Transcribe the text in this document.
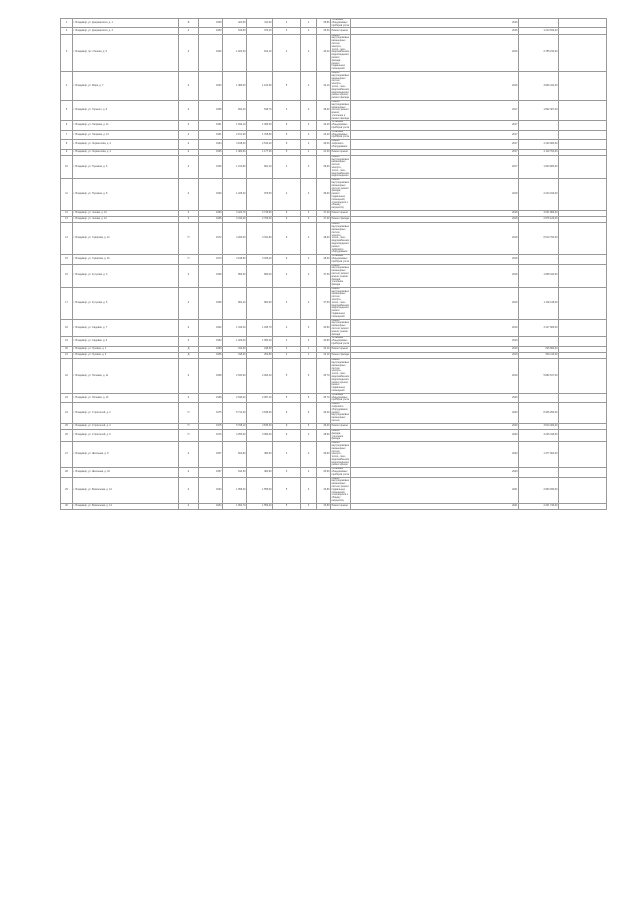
1	г. Владимир, ул. Дзержинского, д. 1	Б	1959	424,50	311,60	2	1	35,80	Установка общедомовых приборов учёта	2016	-	
2	г. Владимир, ул. Дзержинского, д. 3	К	1960	516,80	376,40	3	2	36,50	Ремонт крыши	2016	1 214 534,00	
3	г. Владимир, пр-т Ленина, д. 5	К	1962	1 024,30	812,10	4	2	40,20	Ремонт внутридомовых инженерных систем электро-, тепло-, газо-, водоснабжения, водоотведения; ремонт фасада; ремонт подвальных помещений	2016	2 785 210,00	
4	г. Владимир, ул. Мира, д. 7	К	1963	1 386,00	1 102,50	5	4	42,10	Ремонт внутридомовых инженерных систем электро-, тепло-, газо-, водоснабжения, водоотведения; ремонт крыши; ремонт фасада	2016	3 906 441,00	
5	г. Владимир, ул. Горького, д. 9	К	1958	692,40	548,70	3	2	38,60	Ремонт внутридомовых инженерных систем; ремонт крыши; утепление и ремонт фасада	2017	1 892 307,00	
6	г. Владимир, ул. Гагарина, д. 11	К	1961	1 842,10	1 465,30	5	4	43,40	Установка общедомовых приборов учёта	2017	-	
7	г. Владимир, ул. Гагарина, д. 13	К	1961	2 151,90	1 708,80	5	4	44,20	Установка общедомовых приборов учёта	2017	-	
8	г. Владимир, ул. Лермонтова, д. 2	К	1964	3 168,00	2 516,20	9	2	46,00	Ремонт лифтового оборудования	2017	4 120 000,00	
9	г. Владимир, ул. Лермонтова, д. 4	К	1965	1 482,60	1 177,30	5	4	41,30	Ремонт крыши	2017	2 110 764,00	
10	г. Владимир, ул. Пушкина, д. 6	К	1960	1 212,80	964,10	4	3	39,90	Ремонт внутридомовых инженерных систем электро-, тепло-, газо-, водоснабжения, водоотведения	2017	1 603 820,00	
11	г. Владимир, ул. Пушкина, д. 8	К	1960	1 228,40	976,50	4	3	39,90	Ремонт внутридомовых инженерных систем; ремонт фасада; ремонт подвальных помещений, относящихся к общему имуществу	2018	2 244 019,00	
12	г. Владимир, ул. Чехова, д. 10	К	1966	3 422,70	2 718,90	9	3	47,20	Ремонт крыши	2018	3 031 886,00	
13	г. Владимир, ул. Чехова, д. 12	К	1966	3 410,20	2 709,40	9	3	47,20	Ремонт фасада	2018	2 976 120,00	
14	г. Владимир, ул. Суворова, д. 14	П	1972	4 206,00	3 341,80	9	4	48,60	Ремонт внутридомовых инженерных систем электро-, тепло-, газо-, водоснабжения, водоотведения; ремонт лифтового оборудования	2018	6 512 700,00	
15	г. Владимир, ул. Суворова, д. 16	П	1973	4 198,50	3 335,20	9	4	48,60	Установка общедомовых приборов учёта	2018	-	
16	г. Владимир, ул. Кутузова, д. 3	К	1959	856,30	680,00	3	2	37,50	Ремонт внутридомовых инженерных систем; ремонт крыши; ремонт фасада; утепление фасада	2018	1 958 442,00	
17	г. Владимир, ул. Кутузова, д. 5	К	1959	862,10	684,90	3	2	37,50	Ремонт внутридомовых инженерных систем электро-, тепло-, газо-, водоснабжения, водоотведения; ремонт подвальных помещений	2019	1 402 118,00	
18	г. Владимир, ул. Садовая, д. 7	К	1962	1 316,40	1 045,70	4	3	40,80	Ремонт внутридомовых инженерных систем; ремонт крыши; ремонт фасада	2019	3 147 905,00	
19	г. Владимир, ул. Садовая, д. 9	К	1962	1 322,00	1 050,20	4	3	40,80	Установка общедомовых приборов учёта	2019	-	
20	г. Владимир, ул. Луговая, д. 1	Д	1956	312,60	248,30	2	1	34,10	Ремонт крыши	2019	615 900,00	
21	г. Владимир, ул. Луговая, д. 3	Д	1956	318,20	252,80	2	1	34,10	Ремонт фасада	2019	540 110,00	
22	г. Владимир, ул. Полевая, д. 11	К	1968	2 634,90	2 093,40	5	6	45,70	Ремонт внутридомовых инженерных систем электро-, тепло-, газо-, водоснабжения, водоотведения; ремонт крыши; ремонт подвальных помещений	2019	5 882 617,00	
23	г. Владимир, ул. Полевая, д. 13	К	1968	2 640,00	2 097,10	5	6	45,70	Установка общедомовых приборов учёта	2020	-	
24	г. Владимир, ул. Строителей, д. 2	П	1975	5 712,30	4 538,60	9	6	49,30	Ремонт лифтового оборудования; ремонт внутридомовых инженерных систем	2020	8 406 250,00	
25	г. Владимир, ул. Строителей, д. 4	П	1975	5 708,10	4 535,30	9	6	49,30	Ремонт крыши	2020	3 810 400,00	
26	г. Владимир, ул. Строителей, д. 6	П	1976	4 255,00	3 380,40	9	4	48,90	Ремонт фасада; утепление фасада	2020	4 226 318,00	
27	г. Владимир, ул. Школьная, д. 8	К	1957	604,80	480,50	3	2	36,90	Ремонт внутридомовых инженерных систем электро-, тепло-, газо-, водоснабжения, водоотведения; ремонт крыши	2020	1 377 064,00	
28	г. Владимир, ул. Школьная, д. 10	К	1957	610,30	484,90	3	2	36,90	Установка общедомовых приборов учёта	2020	-	
29	г. Владимир, ул. Вокзальная, д. 12	К	1964	1 958,20	1 555,60	5	3	43,80	Ремонт внутридомовых инженерных систем; ремонт подвальных помещений, относящихся к общему имуществу	2021	2 684 930,00	
30	г. Владимир, ул. Вокзальная, д. 14	К	1964	1 962,70	1 559,20	5	3	43,80	Ремонт крыши	2021	2 201 740,00	
